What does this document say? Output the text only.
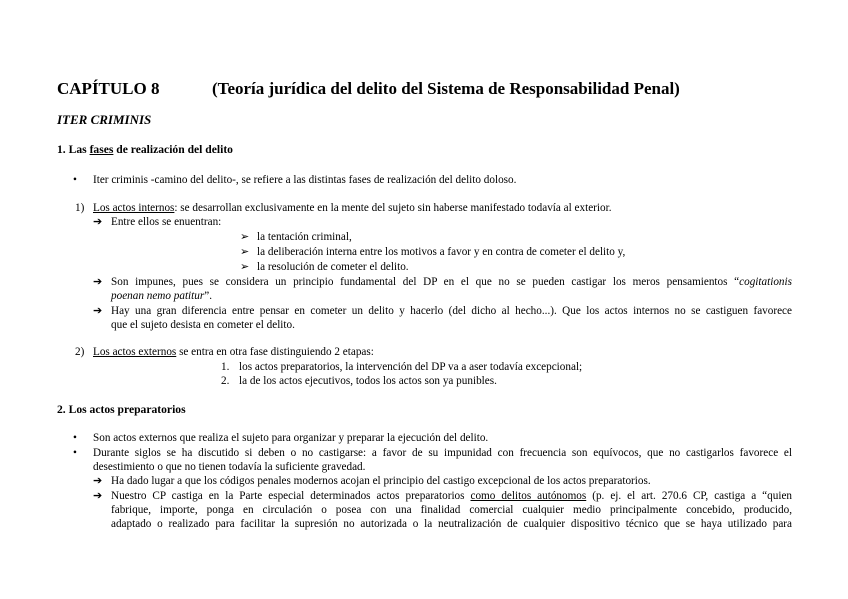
CAPÍTULO 8	(Teoría jurídica del delito del Sistema de Responsabilidad Penal)
ITER CRIMINIS
1. Las fases de realización del delito
• Iter criminis -camino del delito-, se refiere a las distintas fases de realización del delito doloso.
1) Los actos internos: se desarrollan exclusivamente en la mente del sujeto sin haberse manifestado todavía al exterior.
➔ Entre ellos se enuentran:
➢ la tentación criminal,
➢ la deliberación interna entre los motivos a favor y en contra de cometer el delito y,
➢ la resolución de cometer el delito.
➔ Son impunes, pues se considera un principio fundamental del DP en el que no se pueden castigar los meros pensamientos “cogitationis
poenan nemo patitur”.
➔ Hay una gran diferencia entre pensar en cometer un delito y hacerlo (del dicho al hecho...). Que los actos internos no se castiguen favorece
que el sujeto desista en cometer el delito.
2) Los actos externos se entra en otra fase distinguiendo 2 etapas:
1. los actos preparatorios, la intervención del DP va a aser todavía excepcional;
2. la de los actos ejecutivos, todos los actos son ya punibles.
2. Los actos preparatorios
• Son actos externos que realiza el sujeto para organizar y preparar la ejecución del delito.
• Durante siglos se ha discutido si deben o no castigarse: a favor de su impunidad con frecuencia son equívocos, que no castigarlos favorece el
desestimiento o que no tienen todavía la suficiente gravedad.
➔ Ha dado lugar a que los códigos penales modernos acojan el principio del castigo excepcional de los actos preparatorios.
➔ Nuestro CP castiga en la Parte especial determinados actos preparatorios como delitos autónomos (p. ej. el art. 270.6 CP, castiga a “quien
fabrique, importe, ponga en circulación o posea con una finalidad comercial cualquier medio principalmente concebido, producido,
adaptado o realizado para facilitar la supresión no autorizada o la neutralización de cualquier dispositivo técnico que se haya utilizado para
